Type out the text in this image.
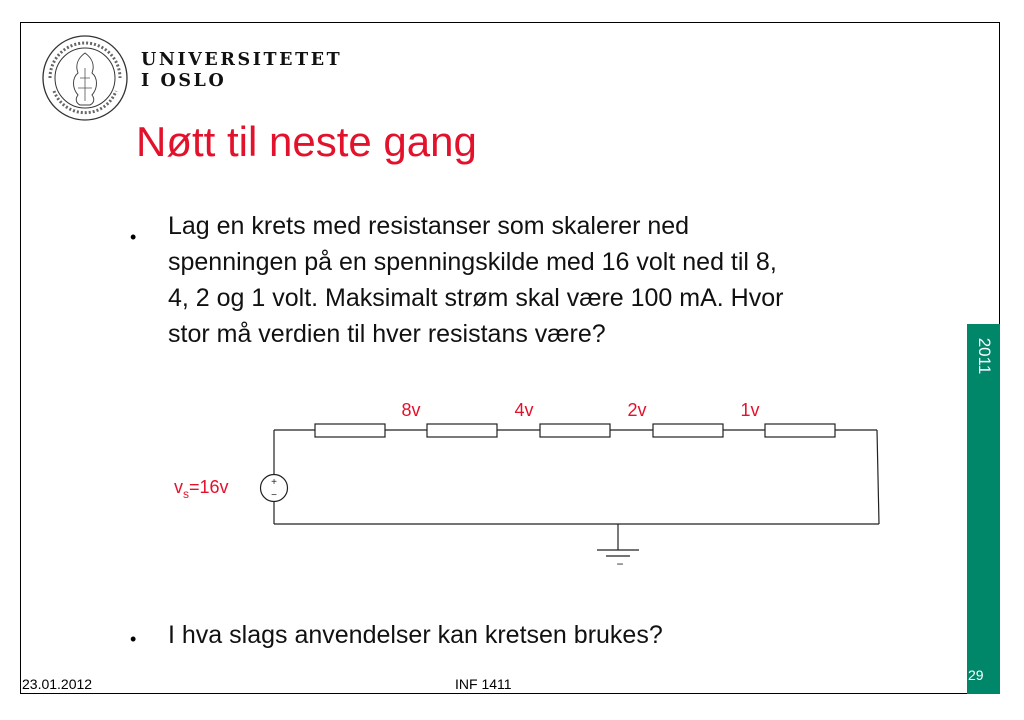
UNIVERSITETET
I OSLO
Nøtt til neste gang
• Lag en krets med resistanser som skalerer ned
spenningen på en spenningskilde med 16 volt ned til 8,
4, 2 og 1 volt. Maksimalt strøm skal være 100 mA. Hvor
stor må verdien til hver resistans være?
+
−
−
8v	4v	2v	1v
$v_s=16v$
• I hva slags anvendelser kan kretsen brukes?
2011
29
23.01.2012	INF 1411
